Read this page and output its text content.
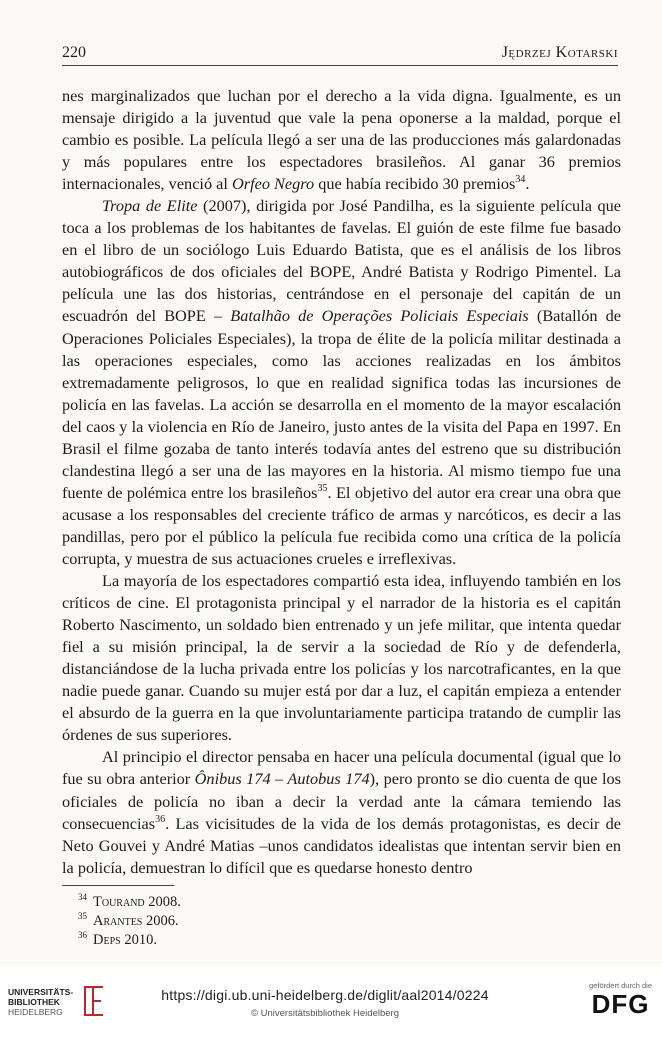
220	Jędrzej Kotarski

nes marginalizados que luchan por el derecho a la vida digna. Igualmente, es un mensaje dirigido a la juventud que vale la pena oponerse a la maldad, porque el cambio es posible. La película llegó a ser una de las producciones más galardonadas y más populares entre los espectadores brasileños. Al ganar 36 premios internacionales, venció al Orfeo Negro que había recibido 30 premios$^{34}$.

Tropa de Elite (2007), dirigida por José Pandilha, es la siguiente película que toca a los problemas de los habitantes de favelas. El guión de este filme fue basado en el libro de un sociólogo Luis Eduardo Batista, que es el análisis de los libros autobiográficos de dos oficiales del BOPE, André Batista y Rodrigo Pimentel. La película une las dos historias, centrándose en el personaje del capitán de un escuadrón del BOPE – Batalhão de Operações Policiais Especiais (Batallón de Operaciones Policiales Especiales), la tropa de élite de la policía militar destinada a las operaciones especiales, como las acciones realizadas en los ámbitos extremadamente peligrosos, lo que en realidad significa todas las incursiones de policía en las favelas. La acción se desarrolla en el momento de la mayor escalación del caos y la violencia en Río de Janeiro, justo antes de la visita del Papa en 1997. En Brasil el filme gozaba de tanto interés todavía antes del estreno que su distribución clandestina llegó a ser una de las mayores en la historia. Al mismo tiempo fue una fuente de polémica entre los brasileños$^{35}$. El objetivo del autor era crear una obra que acusase a los responsables del creciente tráfico de armas y narcóticos, es decir a las pandillas, pero por el público la película fue recibida como una crítica de la policía corrupta, y muestra de sus actuaciones crueles e irreflexivas.

La mayoría de los espectadores compartió esta idea, influyendo también en los críticos de cine. El protagonista principal y el narrador de la historia es el capitán Roberto Nascimento, un soldado bien entrenado y un jefe militar, que intenta quedar fiel a su misión principal, la de servir a la sociedad de Río y de defenderla, distanciándose de la lucha privada entre los policías y los narcotraficantes, en la que nadie puede ganar. Cuando su mujer está por dar a luz, el capitán empieza a entender el absurdo de la guerra en la que involuntariamente participa tratando de cumplir las órdenes de sus superiores.

Al principio el director pensaba en hacer una película documental (igual que lo fue su obra anterior Ônibus 174 – Autobus 174), pero pronto se dio cuenta de que los oficiales de policía no iban a decir la verdad ante la cámara temiendo las consecuencias$^{36}$. Las vicisitudes de la vida de los demás protagonistas, es decir de Neto Gouvei y André Matias –unos candidatos idealistas que intentan servir bien en la policía, demuestran lo difícil que es quedarse honesto dentro

$^{34}$ Tourand 2008.
$^{35}$ Arantes 2006.
$^{36}$ Deps 2010.
UNIVERSITÄTS-
BIBLIOTHEK
HEIDELBERG
https://digi.ub.uni-heidelberg.de/diglit/aal2014/0224
© Universitätsbibliothek Heidelberg
gefördert durch die
DFG
